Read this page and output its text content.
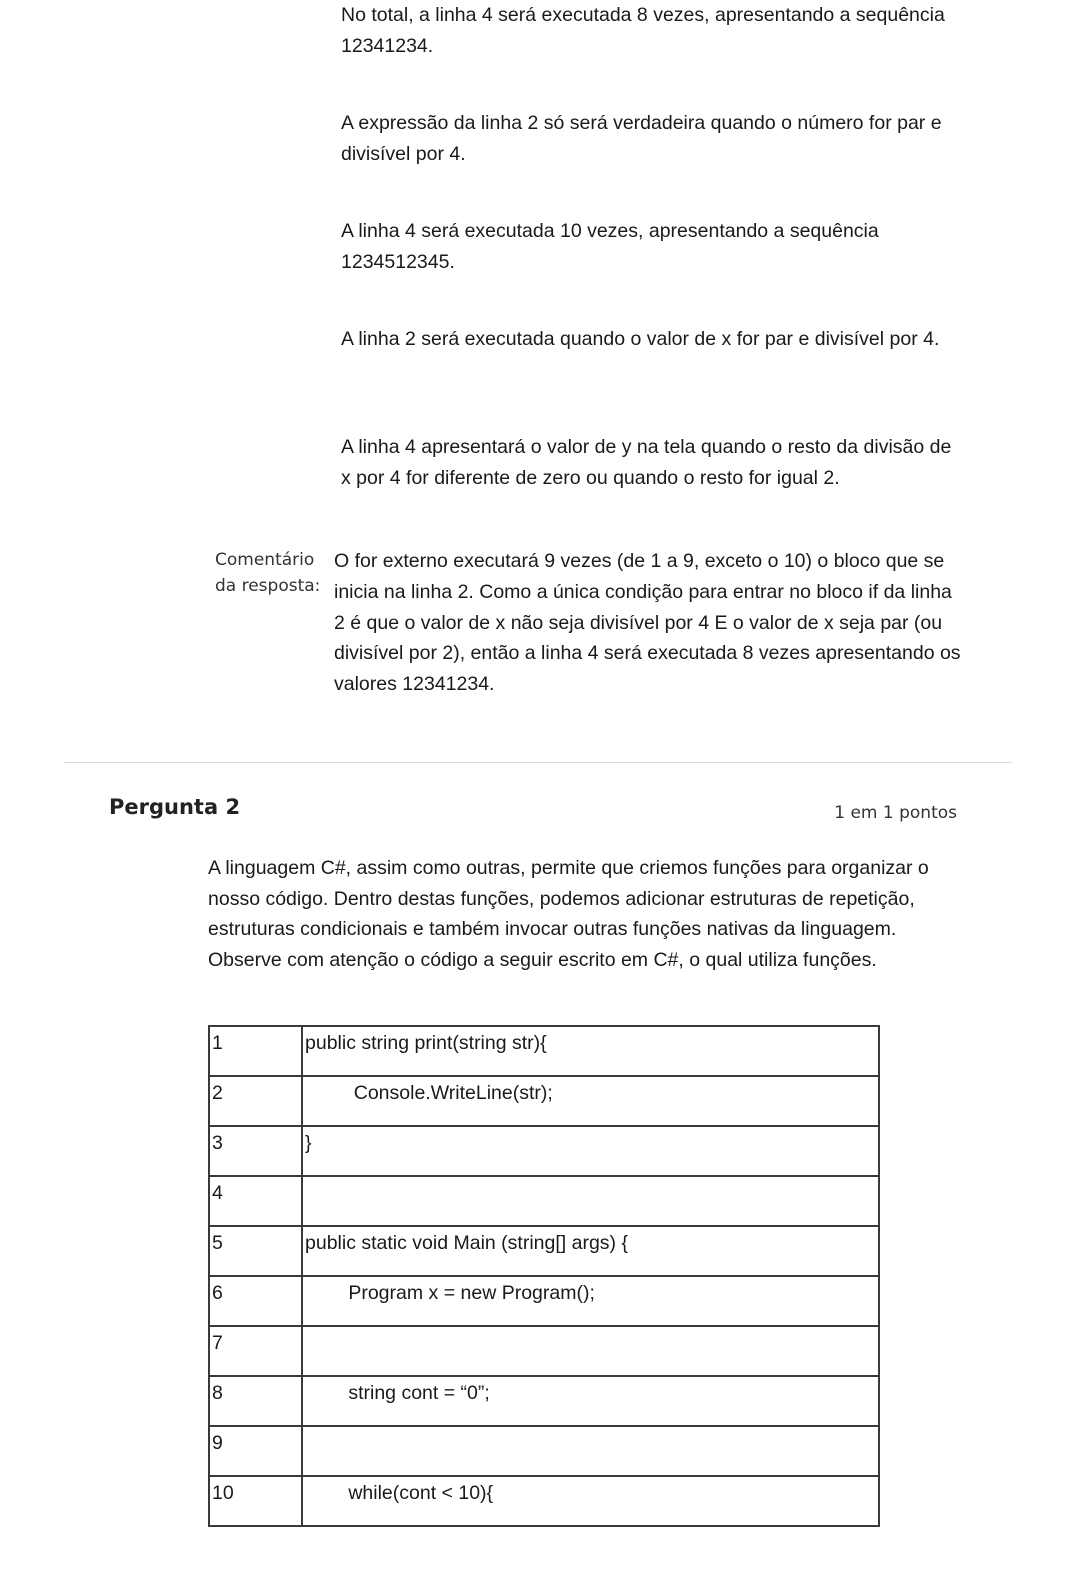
No total, a linha 4 será executada 8 vezes, apresentando a sequência 12341234.

A expressão da linha 2 só será verdadeira quando o número for par e divisível por 4.

A linha 4 será executada 10 vezes, apresentando a sequência 1234512345.

A linha 2 será executada quando o valor de x for par e divisível por 4.

A linha 4 apresentará o valor de y na tela quando o resto da divisão de x por 4 for diferente de zero ou quando o resto for igual 2.

Comentário da resposta:

O for externo executará 9 vezes (de 1 a 9, exceto o 10) o bloco que se inicia na linha 2. Como a única condição para entrar no bloco if da linha 2 é que o valor de x não seja divisível por 4 E o valor de x seja par (ou divisível por 2), então a linha 4 será executada 8 vezes apresentando os valores 12341234.

Pergunta 2	1 em 1 pontos

A linguagem C#, assim como outras, permite que criemos funções para organizar o nosso código. Dentro destas funções, podemos adicionar estruturas de repetição, estruturas condicionais e também invocar outras funções nativas da linguagem. Observe com atenção o código a seguir escrito em C#, o qual utiliza funções.

1	public string print(string str){
2	Console.WriteLine(str);
3	}
4	
5	public static void Main (string[] args) {
6	Program x = new Program();
7	
8	string cont = “0”;
9	
10	while(cont < 10){
